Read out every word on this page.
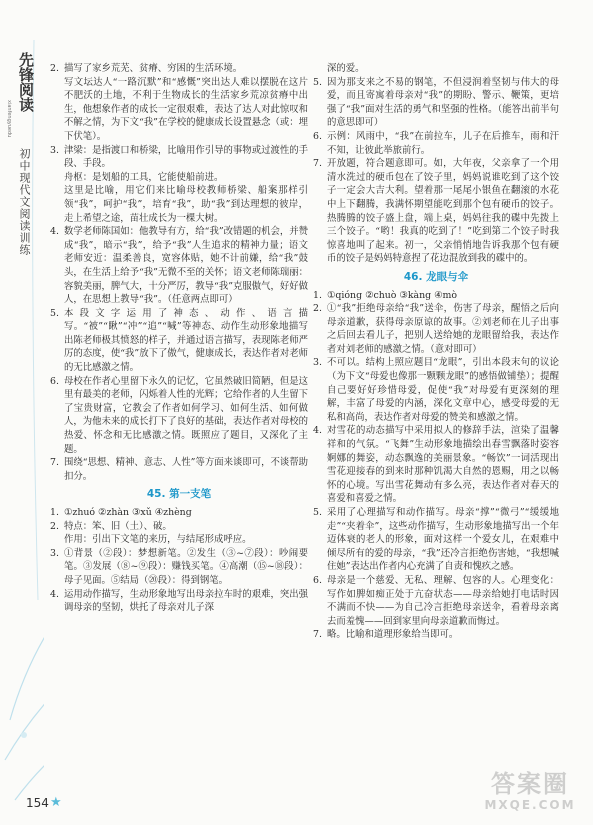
先锋阅读
xianfengyuedu
初中现代文阅读训练
2. 描写了家乡荒芜、贫瘠、穷困的生活环境。
写文坛达人“一路沉默”和“感慨”突出达人难以摆脱在这片不肥沃的土地，不利于生物成长的生活家乡荒凉贫瘠中出生，他想象作者的成长一定很艰难，表达了达人对此惊叹和不解之情，为下文“我”在学校的健康成长设置悬念（或：埋下伏笔）。
3. 津梁：是指渡口和桥梁，比喻用作引导的事物或过渡性的手段、手段。
舟枢：是划船的工具，它能使船前进。
这里是比喻，用它们来比喻母校教师桥梁、船案那样引领“我”，呵护“我”，培育“我”，助“我”到达理想的彼岸，走上希望之途，苗壮成长为一棵大树。
4. 数学老师陈国如：他教导有方，给“我”改错题的机会，并赞成“我”，暗示“我”，给予“我”人生追求的精神力量；语文老师安近：温柔善良，宽容体贴，她不计前嫌，给“我”鼓头，在生活上给予“我”无微不至的关怀；语文老师陈瑞丽：容貌美丽，脾气大，十分严厉，教导“我”克服傲气，好好做人，在思想上教导“我”。（任意两点即可）
5. 本段文字运用了神态、动作、语言描写。“被”“瞅”“冲”“追”“喊”等神态、动作生动形象地描写出陈老师极其愤怒的样子，并通过语言描写，表现陈老师严厉的态度，使“我”放下了傲气，健康成长，表达作者对老师的无比感激之情。
6. 母校在作者心里留下永久的记忆，它虽然破旧简陋，但是这里有最美的老师，闪烁着人性的光辉；它给作者的人生留下了宝贵财富，它教会了作者如何学习、如何生活、如何做人，为他未来的成长打下了良好的基础，表达作者对母校的热爱、怀念和无比感激之情。既照应了题目，又深化了主题。
7. 围绕“思想、精神、意志、人性”等方面来谈即可，不谈帮助扣分。
45. 第一支笔
1. ①zhuó ②zhàn ③xǔ ④zhèng
2. 特点：笨、旧（土）、破。
作用：引出下文笔的来历，与结尾形成呼应。
3. ①背景（②段）：梦想新笔。②发生（③~⑦段）：吵闹要笔。③发展（⑧~⑨段）：赚钱买笔。④高潮（⑮~⑱段）：母子见面。⑤结局（⑳段）：得到钢笔。
4. 运用动作描写，生动形象地写出母亲拉车时的艰难，突出强调母亲的坚韧，烘托了母亲对儿子深
深的爱。
5. 因为那支来之不易的钢笔，不但浸润着坚韧与伟大的母爱，而且寄寓着母亲对“我”的期盼、警示、鞭策，更培强了“我”面对生活的勇气和坚强的性格。（能答出前半句的意思即可）
6. 示例：风雨中，“我”在前拉车，儿子在后推车，雨和汗不知，让彼此举旅前行。
7. 开放题，符合题意即可。如，大年夜，父亲拿了一个用清水洗过的硬币包在了饺子里，妈妈说谁吃到了这个饺子一定会大吉大利。望着那一尾尾小银鱼在翻滚的水花中上下翻腾，我满怀期望能吃到那个包有硬币的饺子。热腾腾的饺子盛上盘，端上桌，妈妈往我的碟中先拨上三个饺子。“哟！我真的吃到了！”吃到第二个饺子时我惊喜地叫了起来。初一，父亲悄悄地告诉我那个包有硬币的饺子是妈妈特意捏了花边混放到我的碟中的。
46. 龙眼与伞
1. ①qióng ②chuò ③kàng ④mò
2. ①“我”拒绝母亲给“我”送伞，伤害了母亲，醒悟之后向母亲道歉，获得母亲原谅的故事。②刘老师在儿子出事之后回去看儿子，把别人送给她的龙眼留给我，表达作者对刘老师的感激之情。（意对即可）
3. 不可以。结构上照应题目“龙眼”，引出本段末句的议论（为下文“母爱也像那一颗颗龙眼”的感悟做铺垫）；提醒自己要好好珍惜母爱，促使“我”对母爱有更深刻的理解，丰富了母爱的内涵，深化文章中心，感受母爱的无私和高尚，表达作者对母爱的赞美和感激之情。
4. 对雪花的动态描写中采用拟人的修辞手法，渲染了温馨祥和的气氛。“飞舞”生动形象地描绘出春雪飘落时姿容婀娜的舞姿，动态飘逸的美丽景象。“畅饮”一词活现出雪花迎接春的到来时那种饥渴大自然的恩赐，用之以畅怀的心境。写出雪花舞动有多么亮，表达作者对春天的喜爱和喜爱之情。
5. 采用了心理描写和动作描写。母亲“撑”“微弓”“缓缓地走”“夹着伞”，这些动作描写，生动形象地描写出一个年迈体衰的老人的形象，面对这样一个爱女儿，在艰难中倾尽所有的爱的母亲，“我”还冷言拒绝伤害她，“我想喊住她”表达出作者内心充满了自责和愧疚之感。
6. 母亲是一个慈爱、无私、理解、包容的人。心理变化：写作如脾如痴正处于亢奋状态——母亲给她打电话时因不满而不快——为自己冷言拒绝母亲送伞，看着母亲离去而羞愧——回到家里向母亲道歉而悔过。
7. 略。比喻和道理形象给当即可。
154 ★
答案圈
MXQE.COM
